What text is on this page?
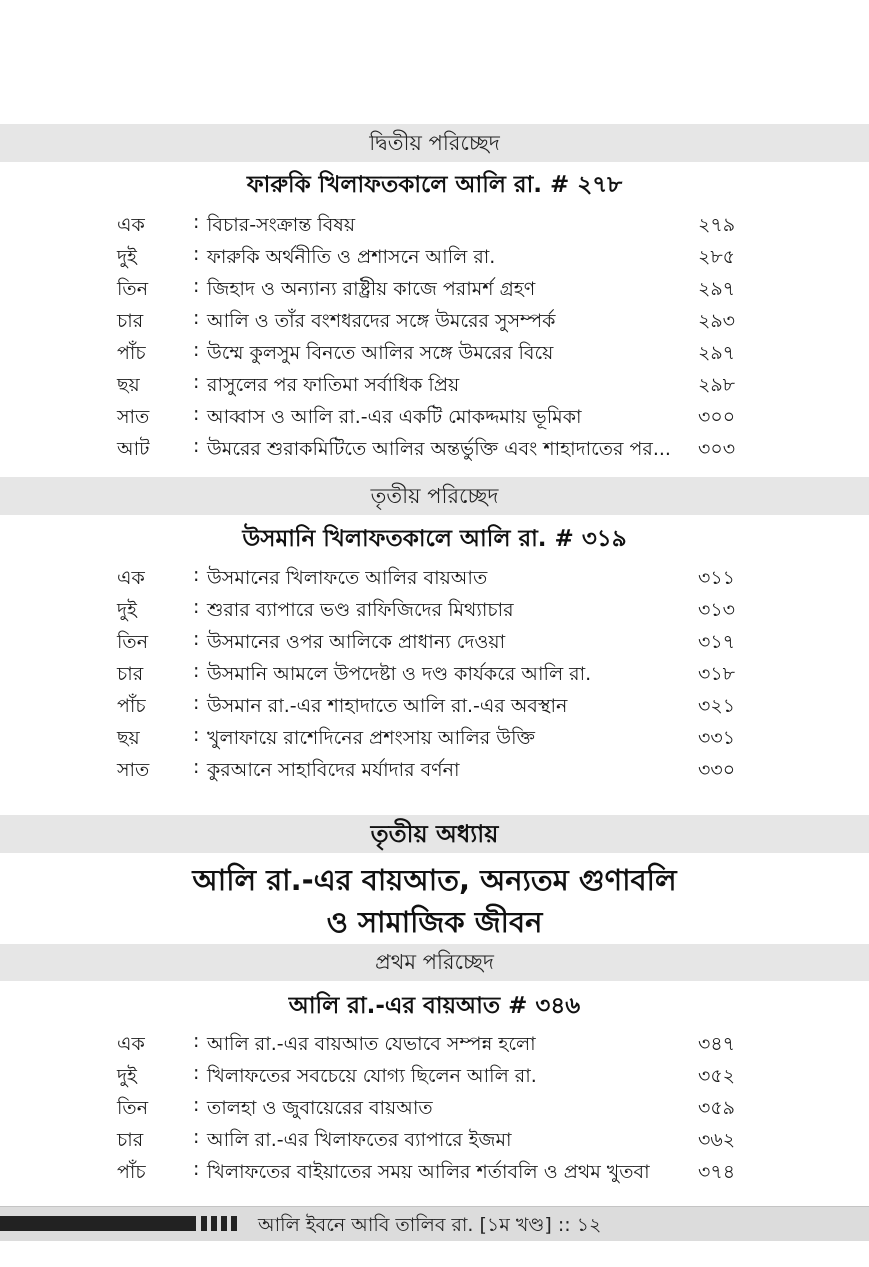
দ্বিতীয় পরিচ্ছেদ
ফারুকি খিলাফতকালে আলি রা. # ২৭৮
এক	: বিচার-সংক্রান্ত বিষয়	২৭৯
দুই	: ফারুকি অর্থনীতি ও প্রশাসনে আলি রা.	২৮৫
তিন : জিহাদ ও অন্যান্য রাষ্ট্রীয় কাজে পরামর্শ গ্রহণ	২৯৭
চার	: আলি ও তাঁর বংশধরদের সঙ্গে উমরের সুসম্পর্ক	২৯৩
পাঁচ : উম্মে কুলসুম বিনতে আলির সঙ্গে উমরের বিয়ে	২৯৭
ছয়	: রাসুলের পর ফাতিমা সর্বাধিক প্রিয়	২৯৮
সাত : আব্বাস ও আলি রা.-এর একটি মোকদ্দমায় ভূমিকা	৩০০
আট : উমরের শুরাকমিটিতে আলির অন্তর্ভুক্তি এবং শাহাদাতের পর... ৩০৩
তৃতীয় পরিচ্ছেদ
উসমানি খিলাফতকালে আলি রা. # ৩১৯
এক	: উসমানের খিলাফতে আলির বায়আত	৩১১
দুই	: শুরার ব্যাপারে ভণ্ড রাফিজিদের মিথ্যাচার	৩১৩
তিন : উসমানের ওপর আলিকে প্রাধান্য দেওয়া	৩১৭
চার	: উসমানি আমলে উপদেষ্টা ও দণ্ড কার্যকরে আলি রা.	৩১৮
পাঁচ : উসমান রা.-এর শাহাদাতে আলি রা.-এর অবস্থান	৩২১
ছয়	: খুলাফায়ে রাশেদিনের প্রশংসায় আলির উক্তি	৩৩১
সাত : কুরআনে সাহাবিদের মর্যাদার বর্ণনা	৩৩০
তৃতীয় অধ্যায়
আলি রা.-এর বায়আত, অন্যতম গুণাবলি
ও সামাজিক জীবন
প্রথম পরিচ্ছেদ
আলি রা.-এর বায়আত # ৩৪৬
এক	: আলি রা.-এর বায়আত যেভাবে সম্পন্ন হলো	৩৪৭
দুই	: খিলাফতের সবচেয়ে যোগ্য ছিলেন আলি রা.	৩৫২
তিন : তালহা ও জুবায়েরের বায়আত	৩৫৯
চার	: আলি রা.-এর খিলাফতের ব্যাপারে ইজমা	৩৬২
পাঁচ : খিলাফতের বাইয়াতের সময় আলির শর্তাবলি ও প্রথম খুতবা	৩৭৪
আলি ইবনে আবি তালিব রা. [১ম খণ্ড] :: ১২
